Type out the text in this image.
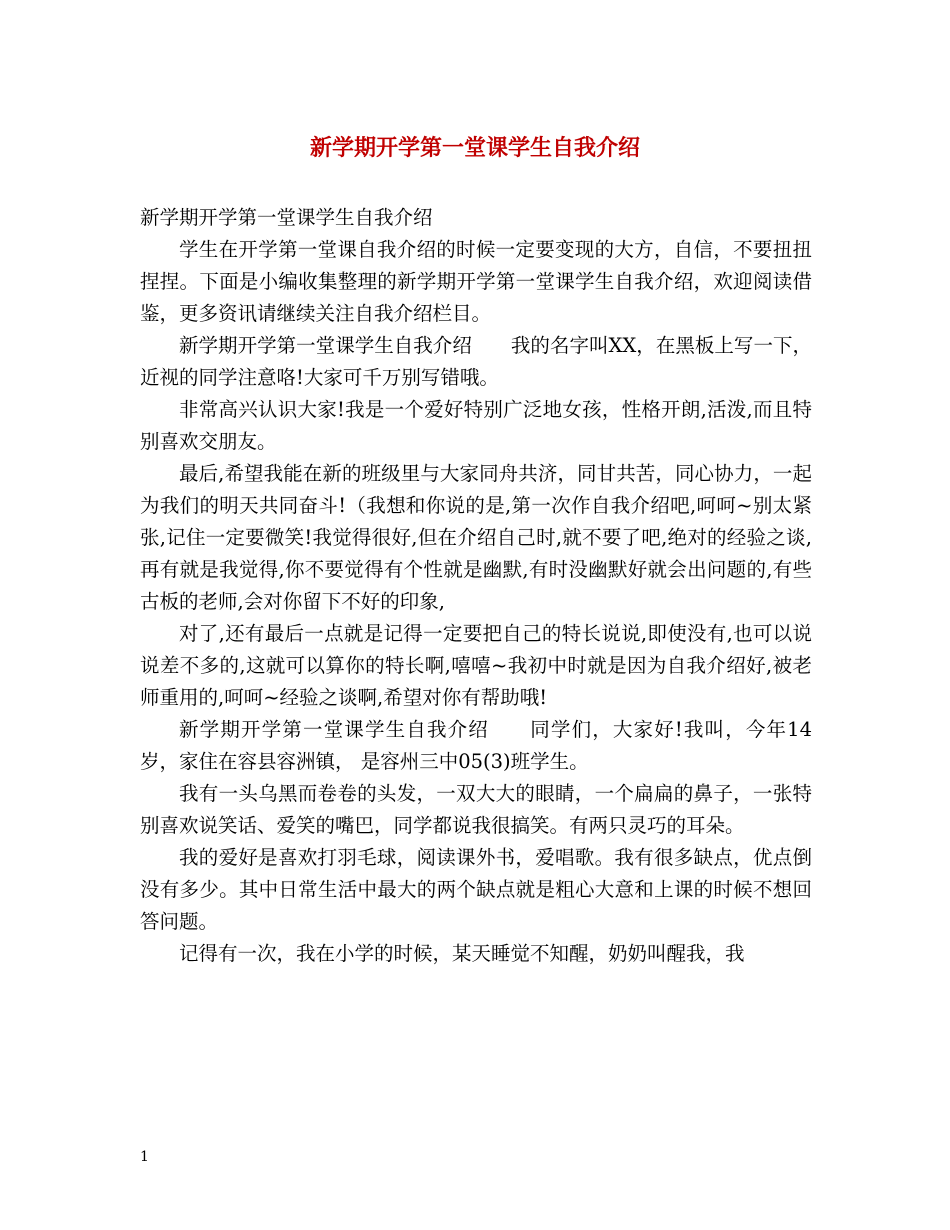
新学期开学第一堂课学生自我介绍

新学期开学第一堂课学生自我介绍

学生在开学第一堂课自我介绍的时候一定要变现的大方，自信，不要扭扭捏捏。下面是小编收集整理的新学期开学第一堂课学生自我介绍，欢迎阅读借鉴，更多资讯请继续关注自我介绍栏目。

新学期开学第一堂课学生自我介绍　　我的名字叫XX，在黑板上写一下，近视的同学注意咯!大家可千万别写错哦。

非常高兴认识大家!我是一个爱好特别广泛地女孩，性格开朗,活泼,而且特别喜欢交朋友。

最后,希望我能在新的班级里与大家同舟共济，同甘共苦，同心协力，一起为我们的明天共同奋斗!（我想和你说的是,第一次作自我介绍吧,呵呵~别太紧张,记住一定要微笑!我觉得很好,但在介绍自己时,就不要了吧,绝对的经验之谈,再有就是我觉得,你不要觉得有个性就是幽默,有时没幽默好就会出问题的,有些古板的老师,会对你留下不好的印象,

对了,还有最后一点就是记得一定要把自己的特长说说,即使没有,也可以说说差不多的,这就可以算你的特长啊,嘻嘻~我初中时就是因为自我介绍好,被老师重用的,呵呵~经验之谈啊,希望对你有帮助哦!

新学期开学第一堂课学生自我介绍　　同学们，大家好!我叫，今年14岁，家住在容县容洲镇， 是容州三中05(3)班学生。

我有一头乌黑而卷卷的头发，一双大大的眼睛，一个扁扁的鼻子，一张特别喜欢说笑话、爱笑的嘴巴，同学都说我很搞笑。有两只灵巧的耳朵。

我的爱好是喜欢打羽毛球，阅读课外书，爱唱歌。我有很多缺点，优点倒没有多少。其中日常生活中最大的两个缺点就是粗心大意和上课的时候不想回答问题。

记得有一次，我在小学的时候，某天睡觉不知醒，奶奶叫醒我，我

1
